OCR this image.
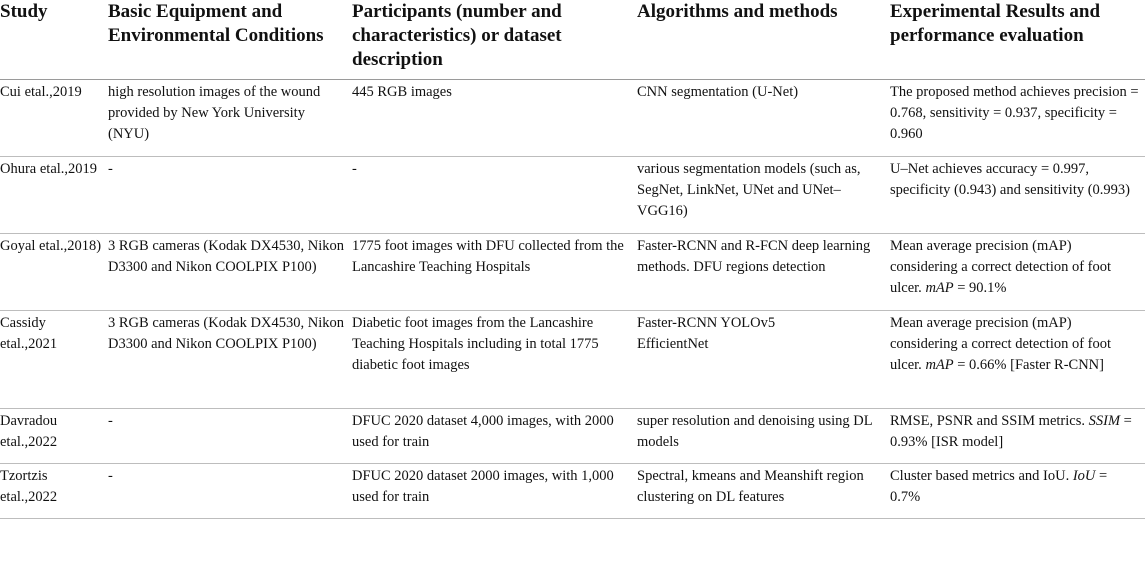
Study	Basic Equipment and Environmental Conditions	Participants (number and characteristics) or dataset description	Algorithms and methods	Experimental Results and performance evaluation
Cui etal.,2019	high resolution images of the wound provided by New York University (NYU)	445 RGB images	CNN segmentation (U-Net)	The proposed method achieves precision = 0.768, sensitivity = 0.937, specificity = 0.960
Ohura etal.,2019	-	-	various segmentation models (such as, SegNet, LinkNet, UNet and UNet–VGG16)	U–Net achieves accuracy = 0.997, specificity (0.943) and sensitivity (0.993)
Goyal etal.,2018)	3 RGB cameras (Kodak DX4530, Nikon D3300 and Nikon COOLPIX P100)	1775 foot images with DFU collected from the Lancashire Teaching Hospitals	Faster-RCNN and R-FCN deep learning methods. DFU regions detection	Mean average precision (mAP) considering a correct detection of foot ulcer. mAP = 90.1%
Cassidy etal.,2021	3 RGB cameras (Kodak DX4530, Nikon D3300 and Nikon COOLPIX P100)	Diabetic foot images from the Lancashire Teaching Hospitals including in total 1775 diabetic foot images	Faster-RCNN YOLOv5 EfficientNet	Mean average precision (mAP) considering a correct detection of foot ulcer. mAP = 0.66% [Faster R-CNN]
Davradou etal.,2022	-	DFUC 2020 dataset 4,000 images, with 2000 used for train	super resolution and denoising using DL models	RMSE, PSNR and SSIM metrics. SSIM = 0.93% [ISR model]
Tzortzis etal.,2022	-	DFUC 2020 dataset 2000 images, with 1,000 used for train	Spectral, kmeans and Meanshift region clustering on DL features	Cluster based metrics and IoU. IoU = 0.7%
